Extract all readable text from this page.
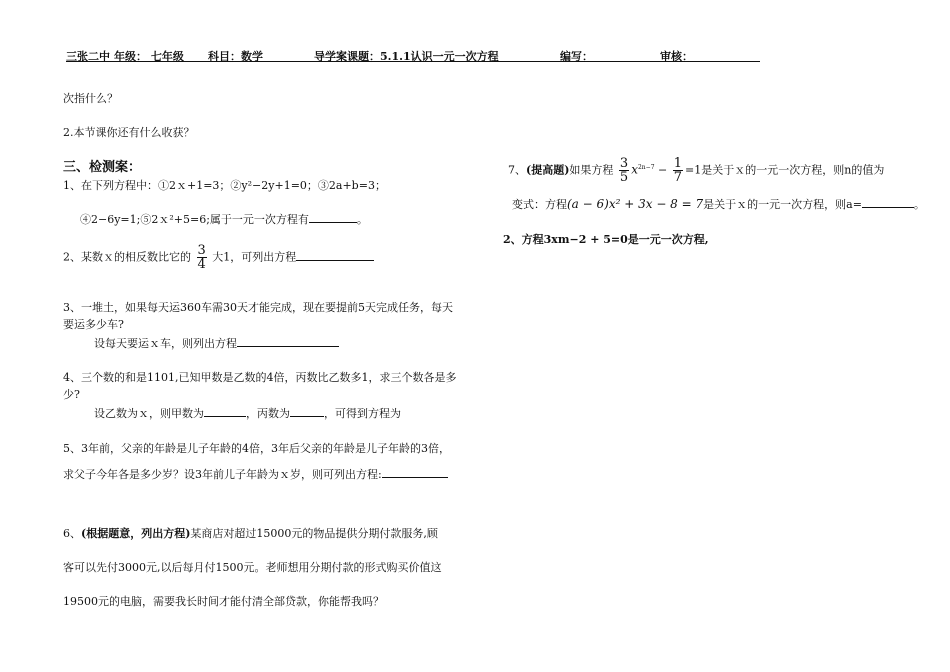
三张二中 年级： 七年级 科目：数学	导学案课题：5.1.1认识一元一次方程	编写：	审核：
次指什么？
2.本节课你还有什么收获？
三、检测案：
1、在下列方程中：①2ｘ+1=3；②y²−2y+1=0；③2a+b=3；
④2−6y=1;⑤2ｘ²+5=6;属于一元一次方程有	。
2、某数ｘ的相反数比它的 $\frac{3}{4}$ 大1，可列出方程
3、一堆土，如果每天运360车需30天才能完成，现在要提前5天完成任务，每天
要运多少车?
设每天要运ｘ车，则列出方程
4、三个数的和是1101,已知甲数是乙数的4倍，丙数比乙数多1，求三个数各是多
少?
设乙数为ｘ，则甲数为	，丙数为	，可得到方程为
5、3年前，父亲的年龄是儿子年龄的4倍，3年后父亲的年龄是儿子年龄的3倍，
求父子今年各是多少岁？设3年前儿子年龄为ｘ岁，则可列出方程:
6、(根据题意，列出方程)某商店对超过15000元的物品提供分期付款服务,顾
客可以先付3000元,以后每月付1500元。老师想用分期付款的形式购买价值这
19500元的电脑，需要我长时间才能付清全部贷款，你能帮我吗？
7、(提高题)如果方程 $\frac{3}{5} x^{2n-7} - \frac{1}{7} =1$是关于ｘ的一元一次方程，则n的值为
变式：方程(a − 6)x² + 3x − 8 = 7是关于ｘ的一元一次方程，则a=	。
2、方程3xm−2 + 5=0是一元一次方程,
